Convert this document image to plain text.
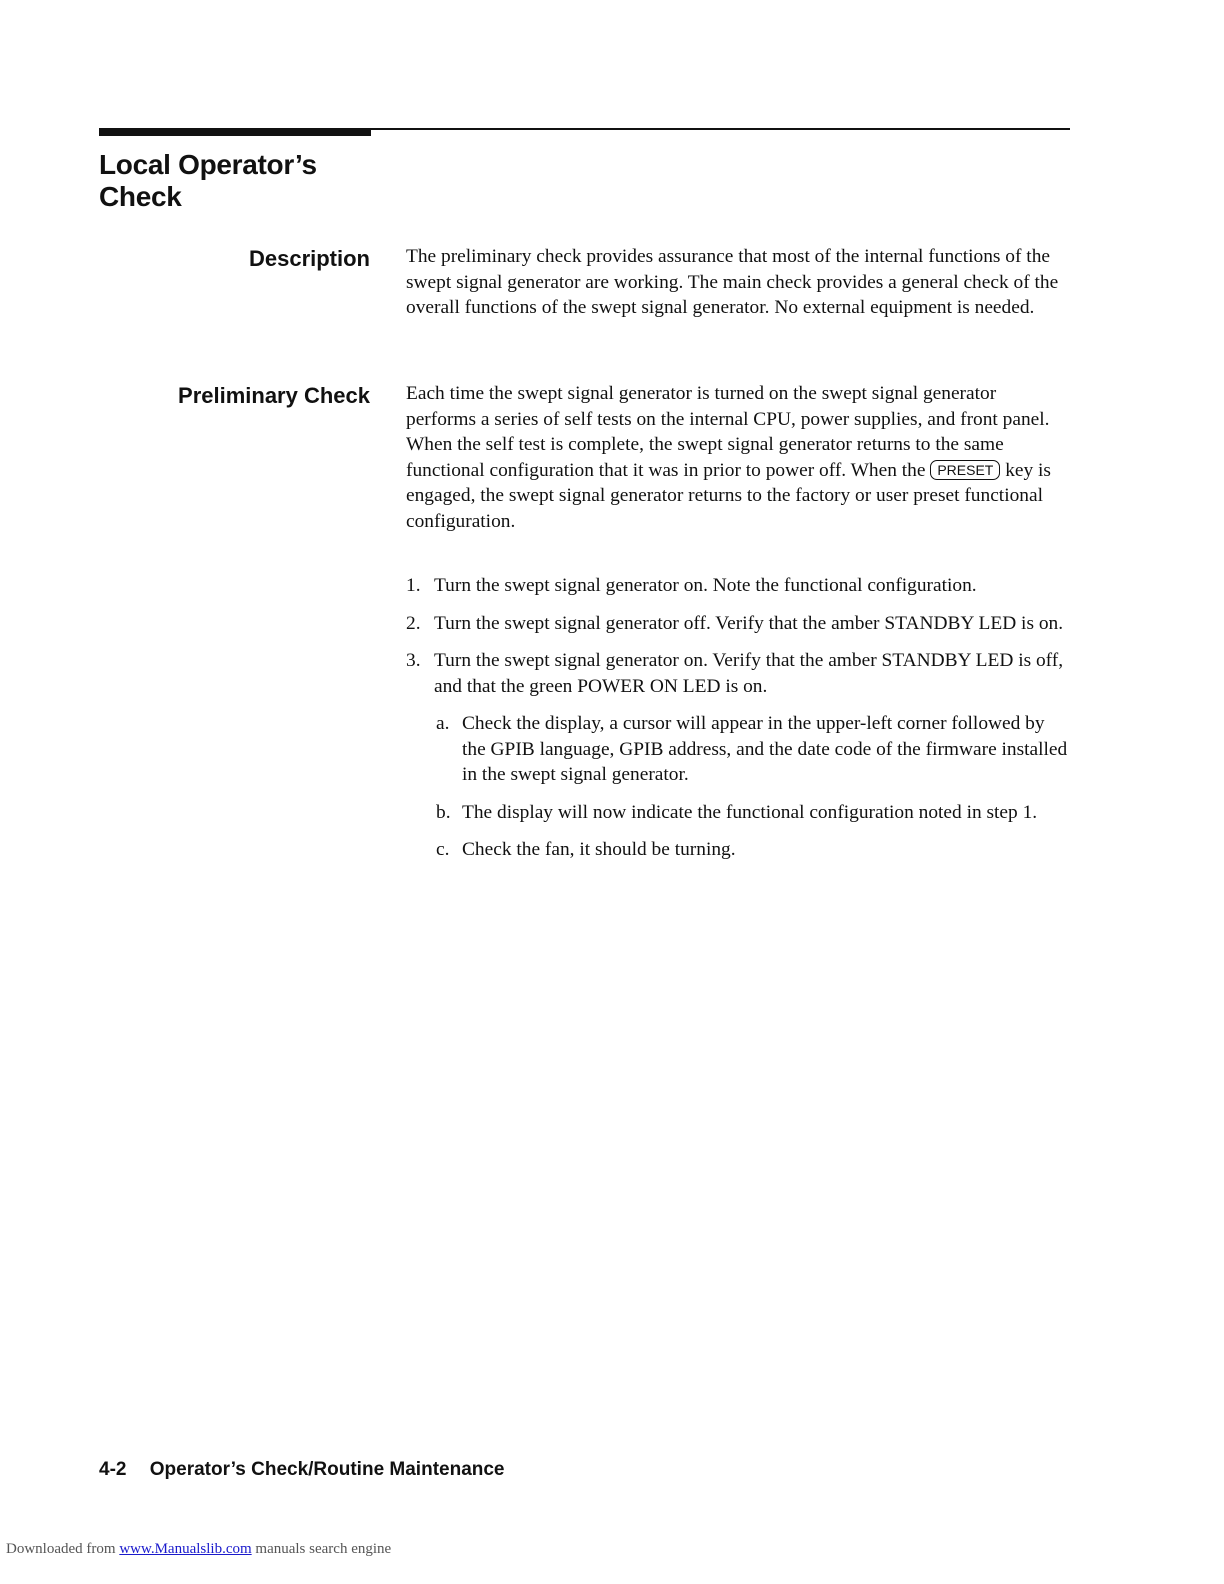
Local Operator’s
Check
Description The preliminary check provides assurance that most of the internal functions of the swept signal generator are working. The main check provides a general check of the overall functions of the swept signal generator. No external equipment is needed.
Preliminary Check Each time the swept signal generator is turned on the swept signal generator performs a series of self tests on the internal CPU, power supplies, and front panel. When the self test is complete, the swept signal generator returns to the same functional configuration that it was in prior to power off. When the PRESET key is engaged, the swept signal generator returns to the factory or user preset functional configuration.
1. Turn the swept signal generator on. Note the functional configuration.
2. Turn the swept signal generator off. Verify that the amber STANDBY LED is on.
3. Turn the swept signal generator on. Verify that the amber STANDBY LED is off, and that the green POWER ON LED is on.
a. Check the display, a cursor will appear in the upper-left corner followed by the GPIB language, GPIB address, and the date code of the firmware installed in the swept signal generator.
b. The display will now indicate the functional configuration noted in step 1.
c. Check the fan, it should be turning.
4-2 Operator’s Check/Routine Maintenance
Downloaded from www.Manualslib.com manuals search engine
